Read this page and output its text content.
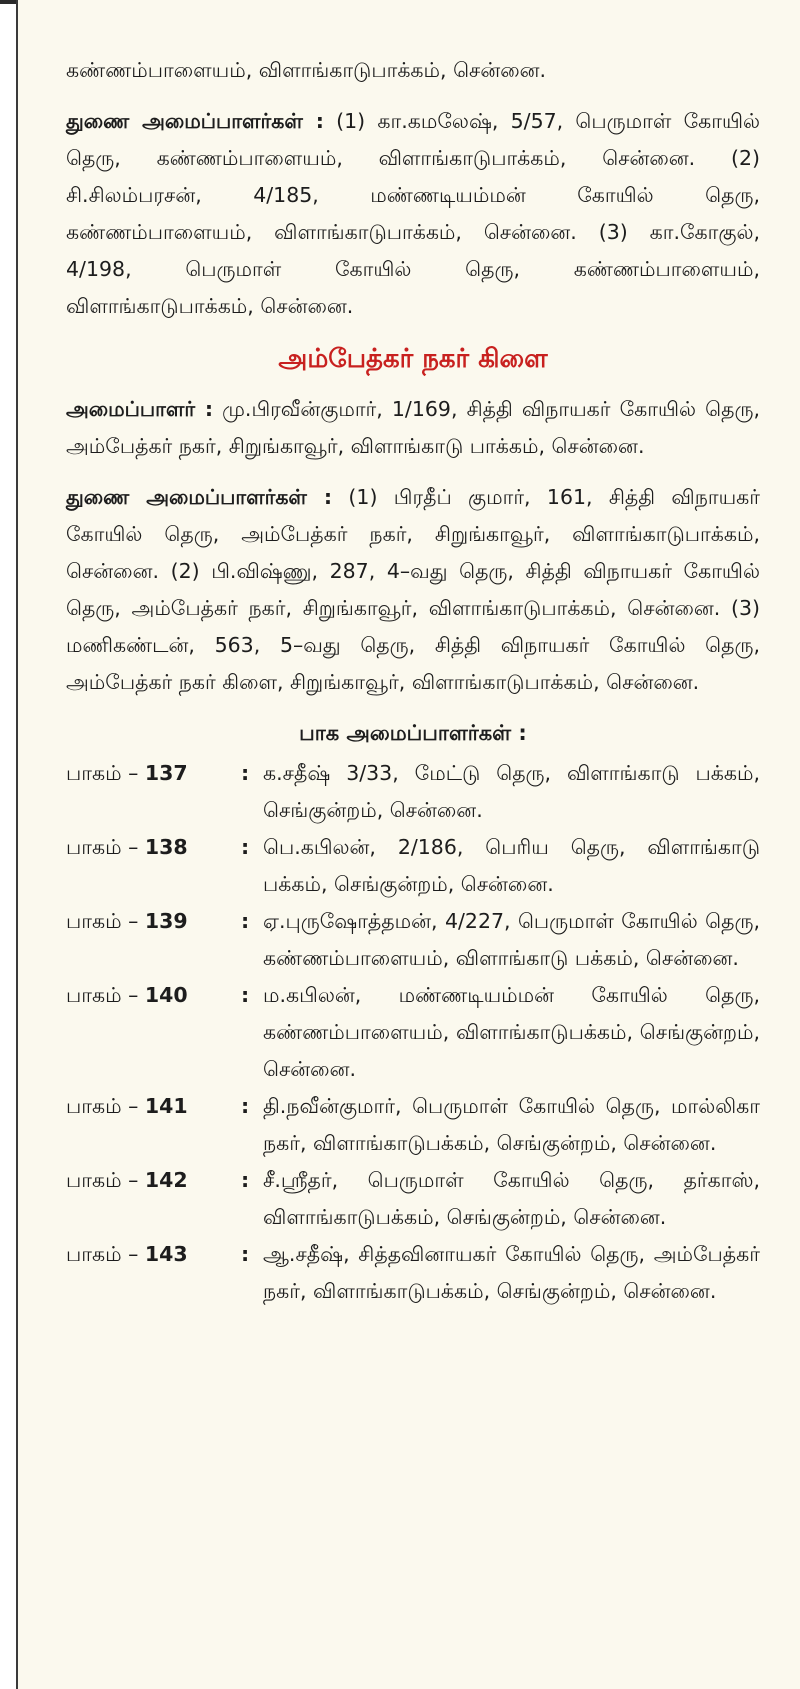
கண்ணம்பாளையம், விளாங்காடுபாக்கம், சென்னை.

துணை அமைப்பாளர்கள் : (1) கா.கமலேஷ், 5/57, பெருமாள் கோயில் தெரு, கண்ணம்பாளையம், விளாங்காடுபாக்கம், சென்னை. (2) சி.சிலம்பரசன், 4/185, மண்ணடியம்மன் கோயில் தெரு, கண்ணம்பாளையம், விளாங்காடுபாக்கம், சென்னை. (3) கா.கோகுல், 4/198, பெருமாள் கோயில் தெரு, கண்ணம்பாளையம், விளாங்காடுபாக்கம், சென்னை.

அம்பேத்கர் நகர் கிளை

அமைப்பாளர் : மு.பிரவீன்குமார், 1/169, சித்தி விநாயகர் கோயில் தெரு, அம்பேத்கர் நகர், சிறுங்காவூர், விளாங்காடு பாக்கம், சென்னை.

துணை அமைப்பாளர்கள் : (1) பிரதீப் குமார், 161, சித்தி விநாயகர் கோயில் தெரு, அம்பேத்கர் நகர், சிறுங்காவூர், விளாங்காடுபாக்கம், சென்னை. (2) பி.விஷ்ணு, 287, 4–வது தெரு, சித்தி விநாயகர் கோயில் தெரு, அம்பேத்கர் நகர், சிறுங்காவூர், விளாங்காடுபாக்கம், சென்னை. (3) மணிகண்டன், 563, 5–வது தெரு, சித்தி விநாயகர் கோயில் தெரு, அம்பேத்கர் நகர் கிளை, சிறுங்காவூர், விளாங்காடுபாக்கம், சென்னை.

பாக அமைப்பாளர்கள் :
பாகம் – 137	: க.சதீஷ் 3/33, மேட்டு தெரு, விளாங்காடு பக்கம், செங்குன்றம், சென்னை.
பாகம் – 138	: பெ.கபிலன், 2/186, பெரிய தெரு, விளாங்காடு பக்கம், செங்குன்றம், சென்னை.
பாகம் – 139	: ஏ.புருஷோத்தமன், 4/227, பெருமாள் கோயில் தெரு, கண்ணம்பாளையம், விளாங்காடு பக்கம், சென்னை.
பாகம் – 140	: ம.கபிலன், மண்ணடியம்மன் கோயில் தெரு, கண்ணம்பாளையம், விளாங்காடுபக்கம், செங்குன்றம், சென்னை.
பாகம் – 141	: தி.நவீன்குமார், பெருமாள் கோயில் தெரு, மால்லிகா நகர், விளாங்காடுபக்கம், செங்குன்றம், சென்னை.
பாகம் – 142	: சீ.ஸ்ரீதர், பெருமாள் கோயில் தெரு, தர்காஸ், விளாங்காடுபக்கம், செங்குன்றம், சென்னை.
பாகம் – 143	: ஆ.சதீஷ், சித்தவினாயகர் கோயில் தெரு, அம்பேத்கர் நகர், விளாங்காடுபக்கம், செங்குன்றம், சென்னை.
